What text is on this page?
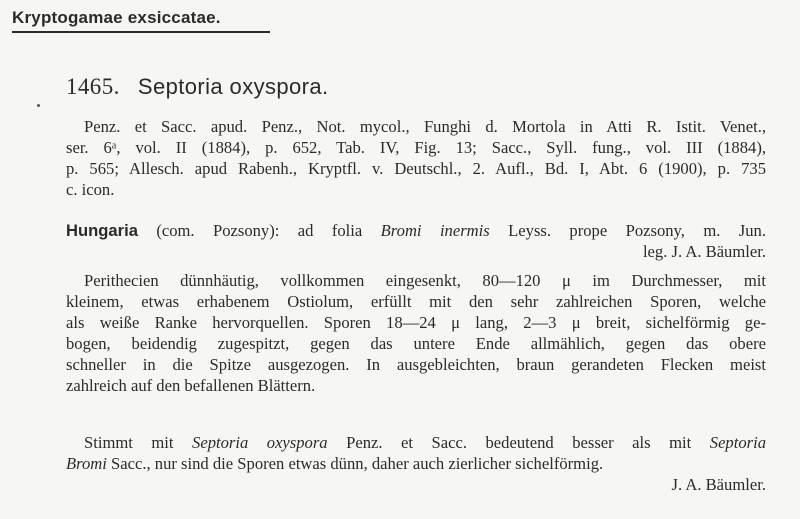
Kryptogamae exsiccatae.
1465. Septoria oxyspora.
Penz. et Sacc. apud. Penz., Not. mycol., Funghi d. Mortola in Atti R. Istit. Venet.,
ser. 6ᵃ, vol. II (1884), p. 652, Tab. IV, Fig. 13; Sacc., Syll. fung., vol. III (1884),
p. 565; Allesch. apud Rabenh., Kryptfl. v. Deutschl., 2. Aufl., Bd. I, Abt. 6 (1900), p. 735
c. icon.
Hungaria (com. Pozsony): ad folia Bromi inermis Leyss. prope Pozsony, m. Jun.
leg. J. A. Bäumler.
Perithecien dünnhäutig, vollkommen eingesenkt, 80—120 μ im Durchmesser, mit
kleinem, etwas erhabenem Ostiolum, erfüllt mit den sehr zahlreichen Sporen, welche
als weiße Ranke hervorquellen. Sporen 18—24 μ lang, 2—3 μ breit, sichelförmig ge-
bogen, beidendig zugespitzt, gegen das untere Ende allmählich, gegen das obere
schneller in die Spitze ausgezogen. In ausgebleichten, braun gerandeten Flecken meist
zahlreich auf den befallenen Blättern.
Stimmt mit Septoria oxyspora Penz. et Sacc. bedeutend besser als mit Septoria
Bromi Sacc., nur sind die Sporen etwas dünn, daher auch zierlicher sichelförmig.
J. A. Bäumler.
